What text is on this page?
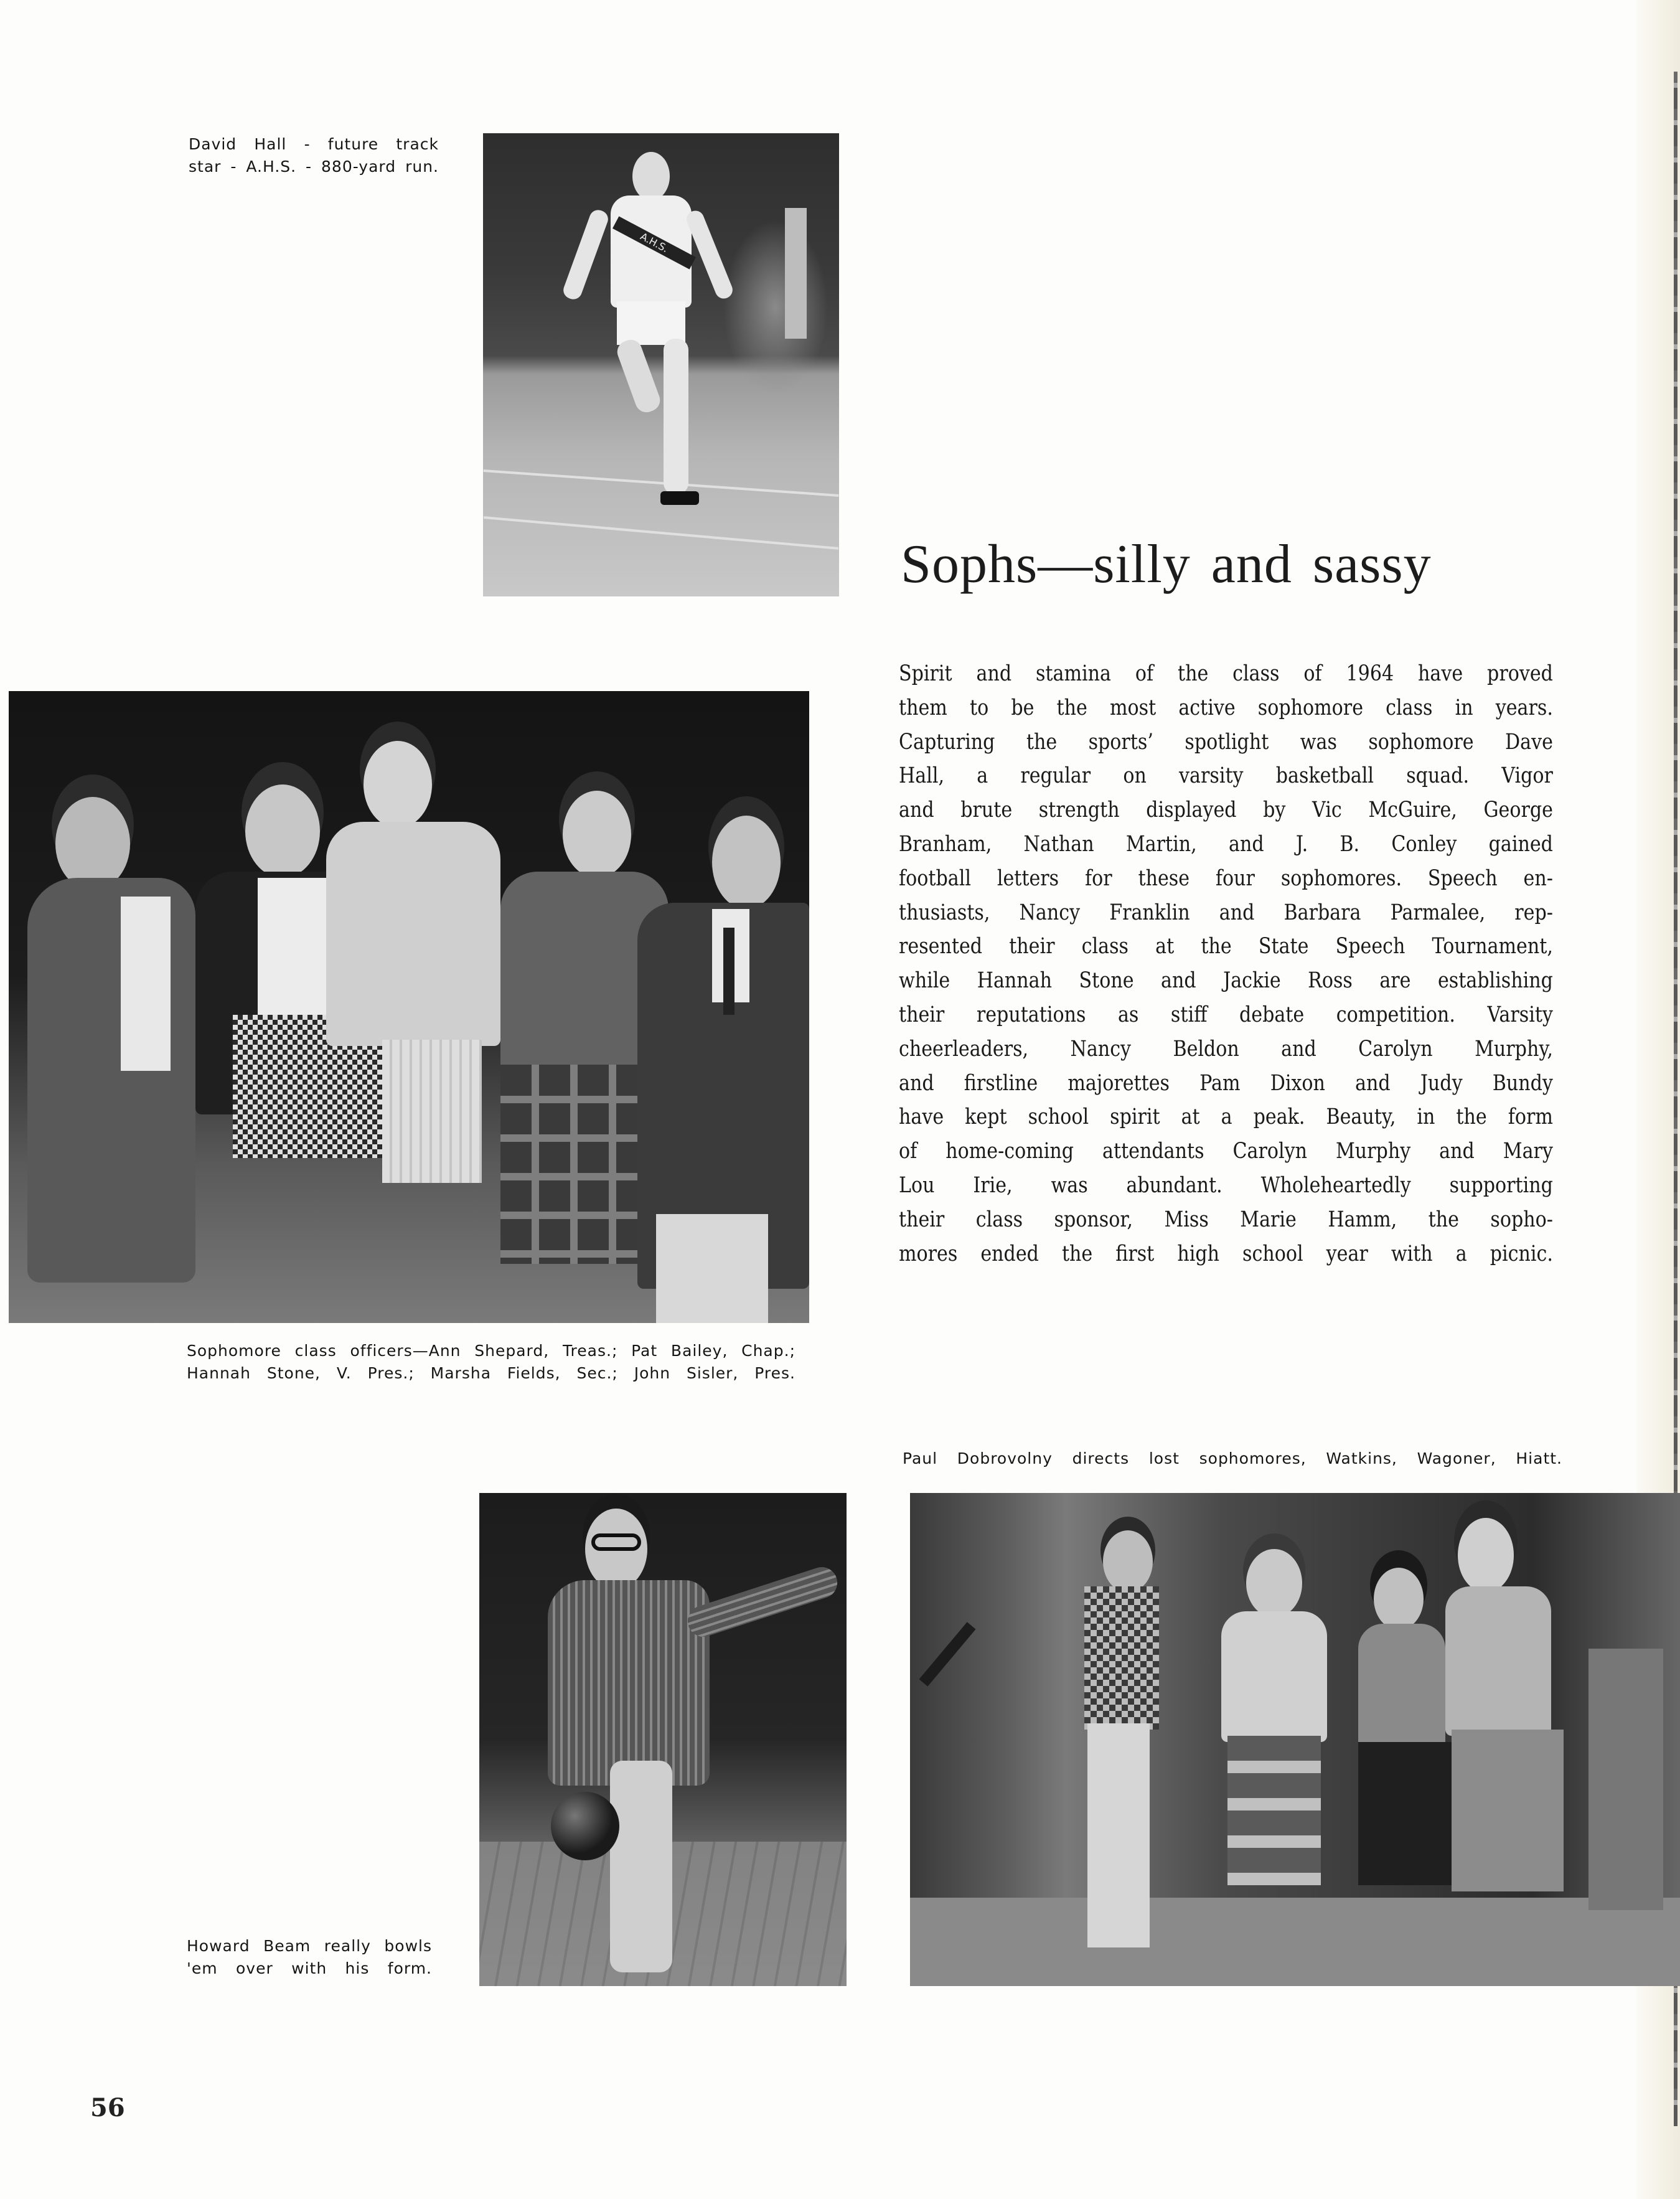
David Hall - future track
star - A.H.S. - 880-yard run.
A.H.S.
Sophs—silly and sassy
Spirit and stamina of the class of 1964 have proved
them to be the most active sophomore class in years.
Capturing the sports’ spotlight was sophomore Dave
Hall, a regular on varsity basketball squad. Vigor
and brute strength displayed by Vic McGuire, George
Branham, Nathan Martin, and J. B. Conley gained
football letters for these four sophomores. Speech en-
thusiasts, Nancy Franklin and Barbara Parmalee, rep-
resented their class at the State Speech Tournament,
while Hannah Stone and Jackie Ross are establishing
their reputations as stiff debate competition. Varsity
cheerleaders, Nancy Beldon and Carolyn Murphy,
and firstline majorettes Pam Dixon and Judy Bundy
have kept school spirit at a peak. Beauty, in the form
of home-coming attendants Carolyn Murphy and Mary
Lou Irie, was abundant. Wholeheartedly supporting
their class sponsor, Miss Marie Hamm, the sopho-
mores ended the first high school year with a picnic.
Sophomore class officers—Ann Shepard, Treas.; Pat Bailey, Chap.;
Hannah Stone, V. Pres.; Marsha Fields, Sec.; John Sisler, Pres.
Paul Dobrovolny directs lost sophomores, Watkins, Wagoner, Hiatt.
Howard Beam really bowls
'em over with his form.
56
